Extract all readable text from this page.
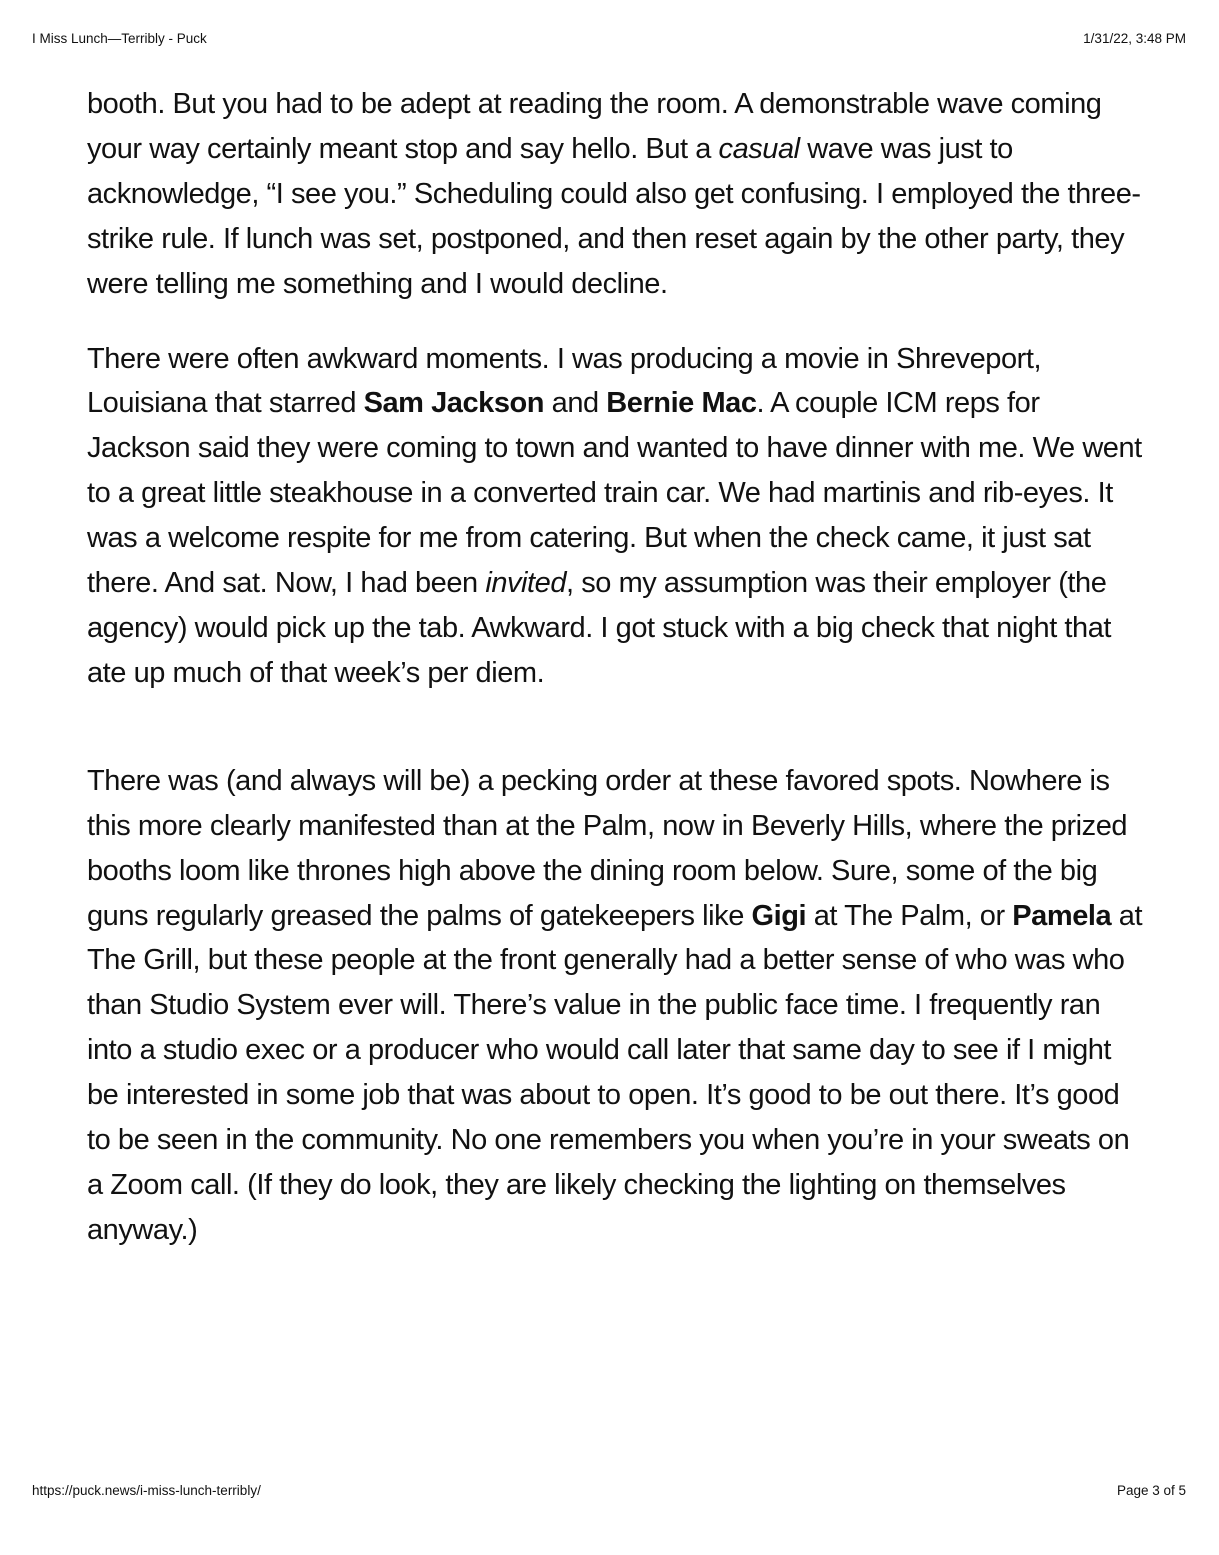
I Miss Lunch—Terribly - Puck	1/31/22, 3:48 PM

booth. But you had to be adept at reading the room. A demonstrable wave coming your way certainly meant stop and say hello. But a casual wave was just to acknowledge, “I see you.” Scheduling could also get confusing. I employed the three-strike rule. If lunch was set, postponed, and then reset again by the other party, they were telling me something and I would decline.

There were often awkward moments. I was producing a movie in Shreveport, Louisiana that starred Sam Jackson and Bernie Mac. A couple ICM reps for Jackson said they were coming to town and wanted to have dinner with me. We went to a great little steakhouse in a converted train car. We had martinis and rib-eyes. It was a welcome respite for me from catering. But when the check came, it just sat there. And sat. Now, I had been invited, so my assumption was their employer (the agency) would pick up the tab. Awkward. I got stuck with a big check that night that ate up much of that week’s per diem.

There was (and always will be) a pecking order at these favored spots. Nowhere is this more clearly manifested than at the Palm, now in Beverly Hills, where the prized booths loom like thrones high above the dining room below. Sure, some of the big guns regularly greased the palms of gatekeepers like Gigi at The Palm, or Pamela at The Grill, but these people at the front generally had a better sense of who was who than Studio System ever will. There’s value in the public face time. I frequently ran into a studio exec or a producer who would call later that same day to see if I might be interested in some job that was about to open. It’s good to be out there. It’s good to be seen in the community. No one remembers you when you’re in your sweats on a Zoom call. (If they do look, they are likely checking the lighting on themselves anyway.)

https://puck.news/i-miss-lunch-terribly/	Page 3 of 5
